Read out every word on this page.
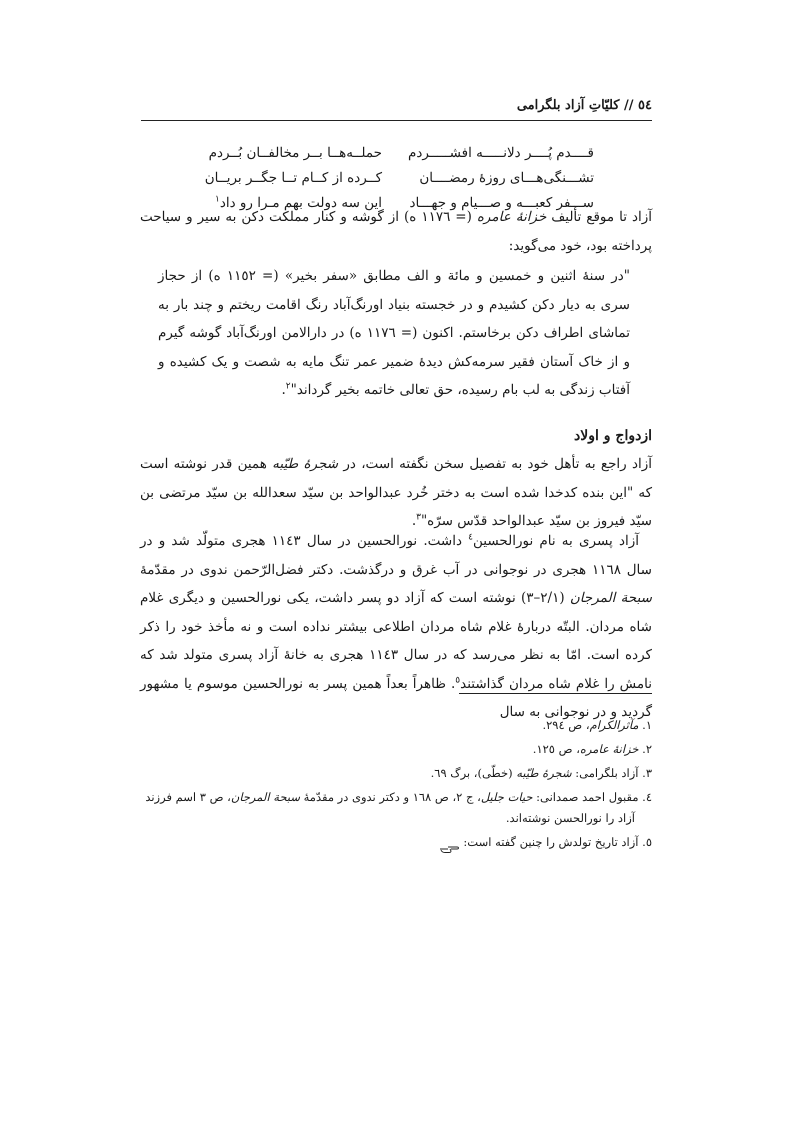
٥٤ // کلیّاتِ آزاد بلگرامی
قــــدم پُــــر دلانـــــه افشـــــردم
حملــه‌هــا بــر مخالفــان بُــردم
تشـــنگی‌هـــای روزهٔ رمضــــان
کــرده از کــام تــا جگــر بریــان
ســـفر کعبـــه و صـــیام و جهـــاد
این سه دولت بهم مـرا رو داد$^١$

آزاد تا موقع تألیف خزانهٔ عامره (= ١١٧٦ ه) از گوشه و کنار مملکت دکن به سیر و سیاحت پرداخته بود، خود می‌گوید:

"در سنهٔ اثنین و خمسین و مائة و الف مطابق «سفر بخیر» (= ١١٥٢ ه) از حجاز سری به دیار دکن کشیدم و در خجسته بنیاد اورنگ‌آباد رنگ اقامت ریختم و چند بار به تماشای اطراف دکن برخاستم. اکنون (= ١١٧٦ ه) در دارالامن اورنگ‌آباد گوشه گیرم و از خاک آستان فقیر سرمه‌کش دیدهٔ ضمیر عمر تنگ مایه به شصت و یک کشیده و آفتاب زندگی به لب بام رسیده، حق تعالی خاتمه بخیر گرداند"$^٢$.

ازدواج و اولاد

آزاد راجع به تأهل خود به تفصیل سخن نگفته است، در شجرهٔ طیّبه همین قدر نوشته است که "این بنده کدخدا شده است به دختر خُرد عبدالواحد بن سیّد سعدالله بن سیّد مرتضی بن سیّد فیروز بن سیّد عبدالواحد قدّس سرّه"$^٣$.

آزاد پسری به نام نورالحسین$^٤$ داشت. نورالحسین در سال ١١٤٣ هجری متولّد شد و در سال ١١٦٨ هجری در نوجوانی در آب غرق و درگذشت. دکتر فضل‌الرّحمن ندوی در مقدّمهٔ سبحة المرجان (٢/١–٣) نوشته است که آزاد دو پسر داشت، یکی نورالحسین و دیگری غلام شاه مردان. البتّه دربارهٔ غلام شاه مردان اطلاعی بیشتر نداده است و نه مأخذ خود را ذکر کرده است. امّا به نظر می‌رسد که در سال ١١٤٣ هجری به خانهٔ آزاد پسری متولد شد که نامش را غلام شاه مردان گذاشتند$^٥$. ظاهراً بعداً همین پسر به نورالحسین موسوم یا مشهور گردید و در نوجوانی به سال

١. مآثرالکرام، ص ٢٩٤.

٢. خزانهٔ عامره، ص ١٢٥.

٣. آزاد بلگرامی: شجرهٔ طیّبه (خطّی)، برگ ٦٩.

٤. مقبول احمد صمدانی: حیات جلیل، ج ٢، ص ١٦٨ و دکتر ندوی در مقدّمهٔ سبحة المرجان، ص ٣ اسم فرزند

آزاد را نورالحسن نوشته‌اند.

٥. آزاد تاریخ تولدش را چنین گفته است:
